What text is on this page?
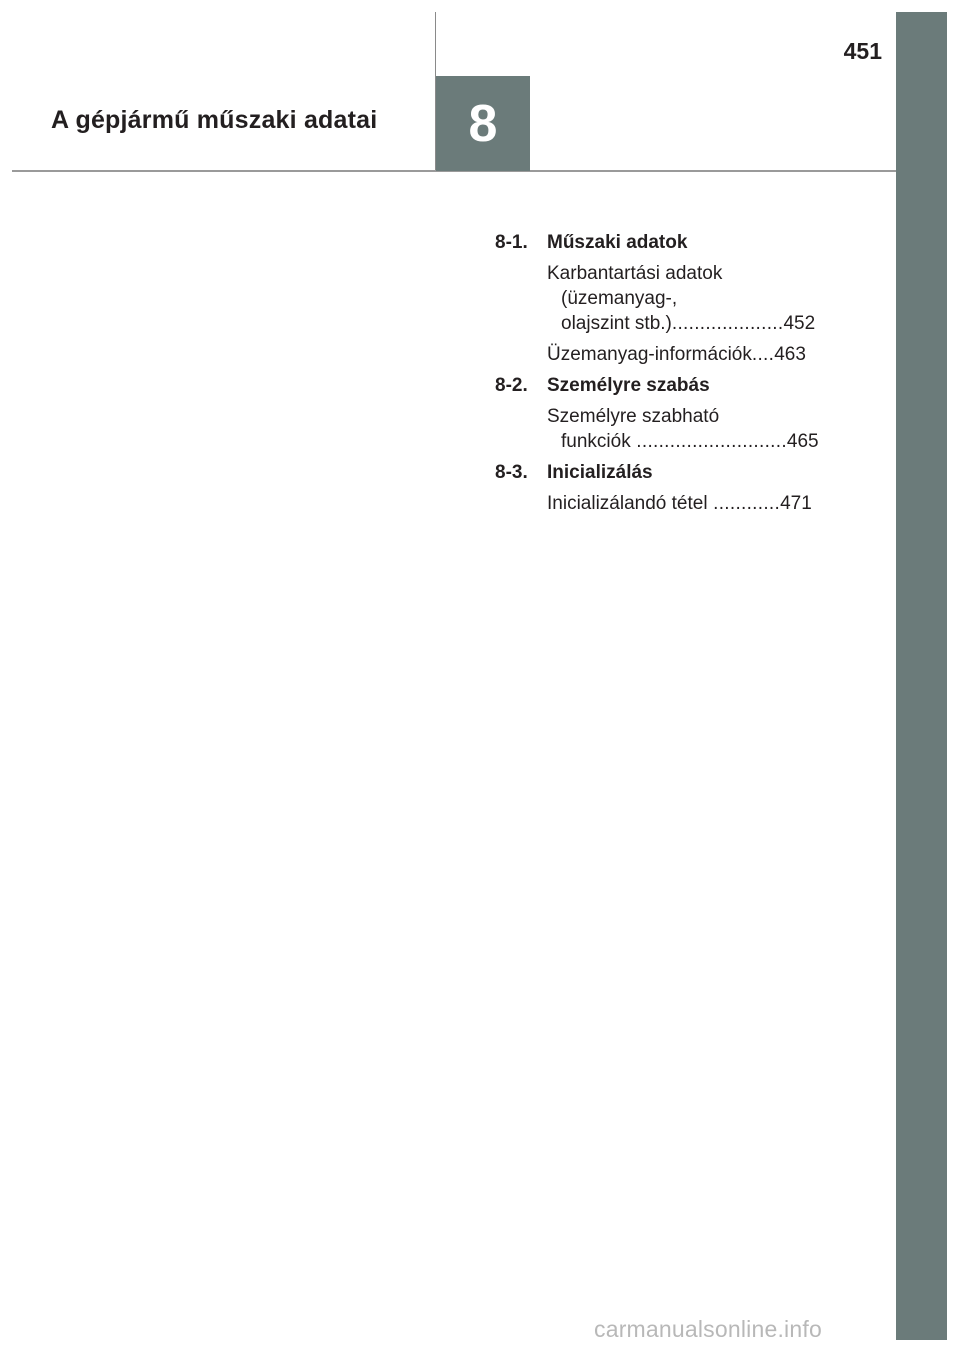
8
A gépjármű műszaki adatai
451
8-1.	Műszaki adatok
Karbantartási adatok
(üzemanyag-,
olajszint stb.)....................452
Üzemanyag-információk....463
8-2.	Személyre szabás
Személyre szabható
funkciók ...........................465
8-3.	Inicializálás
Inicializálandó tétel ............471
carmanualsonline.info
